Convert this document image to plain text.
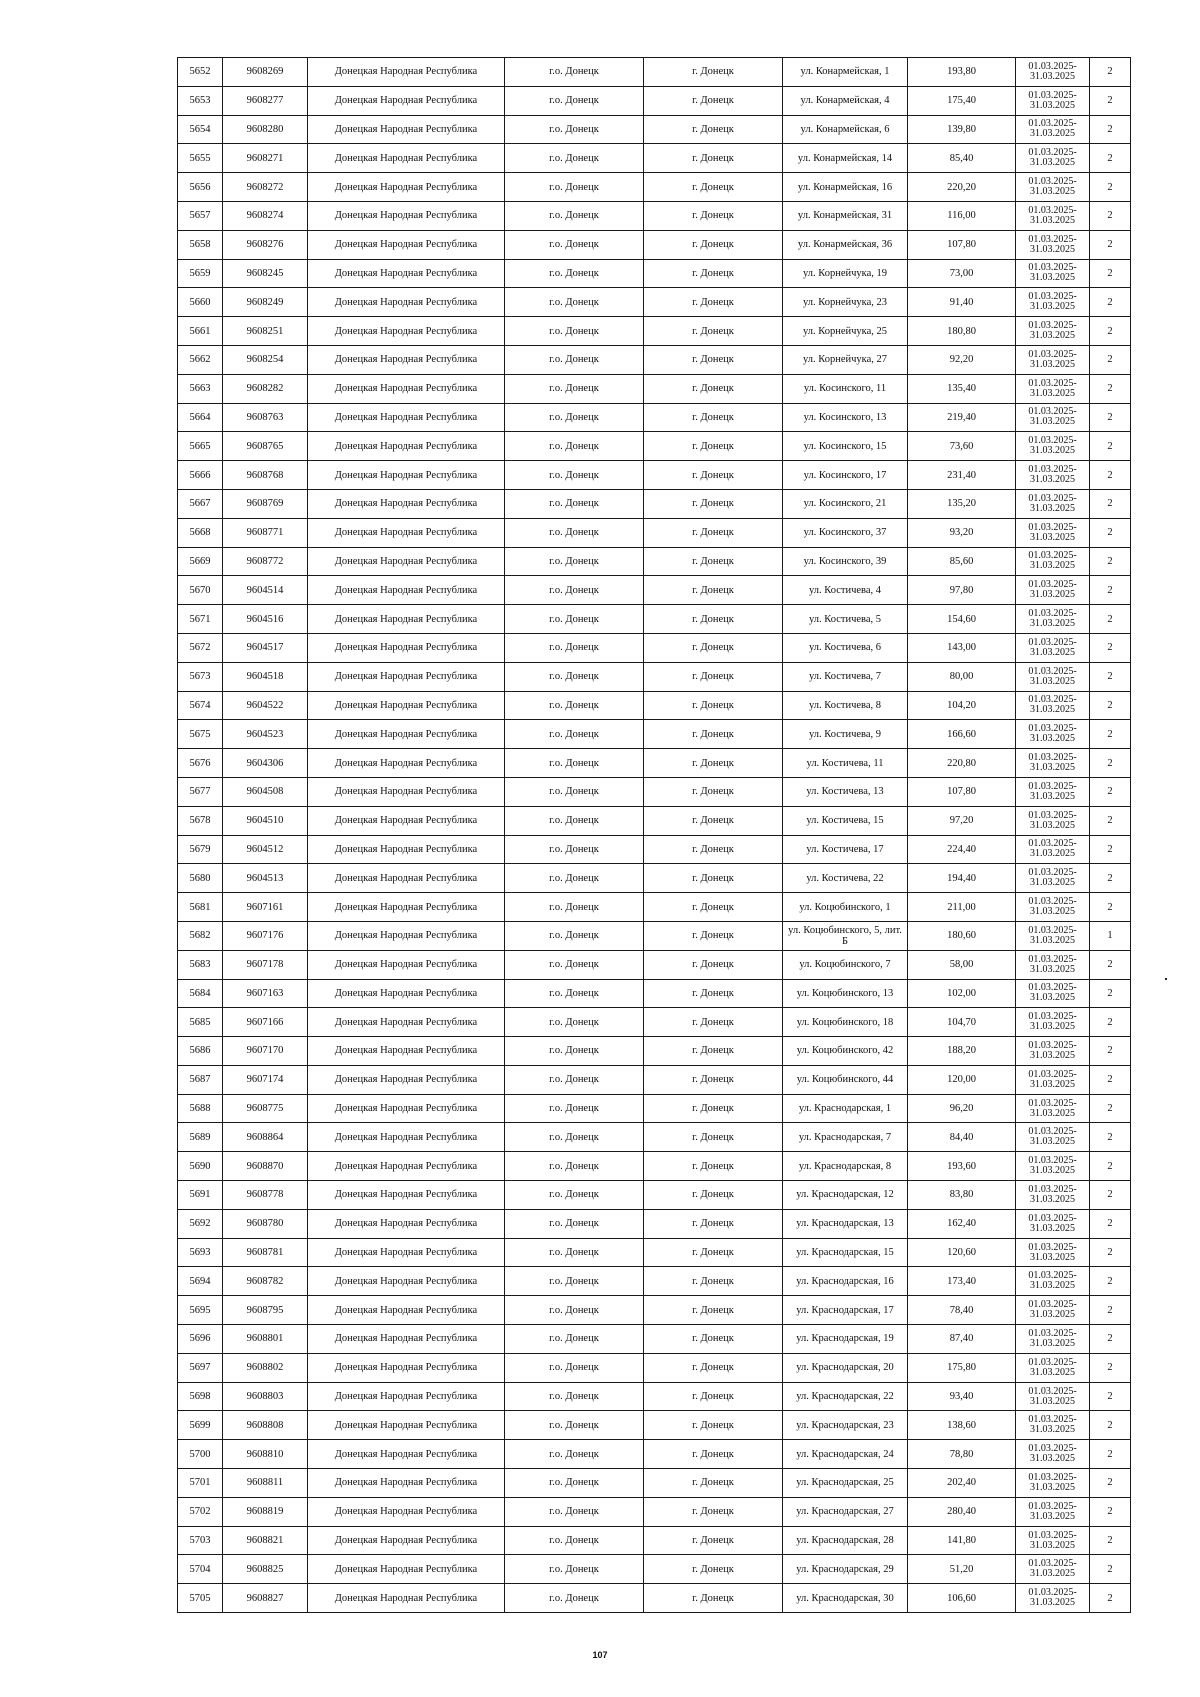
5652	9608269	Донецкая Народная Республика	г.о. Донецк	г. Донецк	ул. Конармейская, 1	193,80	01.03.2025-31.03.2025	2
5653	9608277	Донецкая Народная Республика	г.о. Донецк	г. Донецк	ул. Конармейская, 4	175,40	01.03.2025-31.03.2025	2
5654	9608280	Донецкая Народная Республика	г.о. Донецк	г. Донецк	ул. Конармейская, 6	139,80	01.03.2025-31.03.2025	2
5655	9608271	Донецкая Народная Республика	г.о. Донецк	г. Донецк	ул. Конармейская, 14	85,40	01.03.2025-31.03.2025	2
5656	9608272	Донецкая Народная Республика	г.о. Донецк	г. Донецк	ул. Конармейская, 16	220,20	01.03.2025-31.03.2025	2
5657	9608274	Донецкая Народная Республика	г.о. Донецк	г. Донецк	ул. Конармейская, 31	116,00	01.03.2025-31.03.2025	2
5658	9608276	Донецкая Народная Республика	г.о. Донецк	г. Донецк	ул. Конармейская, 36	107,80	01.03.2025-31.03.2025	2
5659	9608245	Донецкая Народная Республика	г.о. Донецк	г. Донецк	ул. Корнейчука, 19	73,00	01.03.2025-31.03.2025	2
5660	9608249	Донецкая Народная Республика	г.о. Донецк	г. Донецк	ул. Корнейчука, 23	91,40	01.03.2025-31.03.2025	2
5661	9608251	Донецкая Народная Республика	г.о. Донецк	г. Донецк	ул. Корнейчука, 25	180,80	01.03.2025-31.03.2025	2
5662	9608254	Донецкая Народная Республика	г.о. Донецк	г. Донецк	ул. Корнейчука, 27	92,20	01.03.2025-31.03.2025	2
5663	9608282	Донецкая Народная Республика	г.о. Донецк	г. Донецк	ул. Косинского, 11	135,40	01.03.2025-31.03.2025	2
5664	9608763	Донецкая Народная Республика	г.о. Донецк	г. Донецк	ул. Косинского, 13	219,40	01.03.2025-31.03.2025	2
5665	9608765	Донецкая Народная Республика	г.о. Донецк	г. Донецк	ул. Косинского, 15	73,60	01.03.2025-31.03.2025	2
5666	9608768	Донецкая Народная Республика	г.о. Донецк	г. Донецк	ул. Косинского, 17	231,40	01.03.2025-31.03.2025	2
5667	9608769	Донецкая Народная Республика	г.о. Донецк	г. Донецк	ул. Косинского, 21	135,20	01.03.2025-31.03.2025	2
5668	9608771	Донецкая Народная Республика	г.о. Донецк	г. Донецк	ул. Косинского, 37	93,20	01.03.2025-31.03.2025	2
5669	9608772	Донецкая Народная Республика	г.о. Донецк	г. Донецк	ул. Косинского, 39	85,60	01.03.2025-31.03.2025	2
5670	9604514	Донецкая Народная Республика	г.о. Донецк	г. Донецк	ул. Костичева, 4	97,80	01.03.2025-31.03.2025	2
5671	9604516	Донецкая Народная Республика	г.о. Донецк	г. Донецк	ул. Костичева, 5	154,60	01.03.2025-31.03.2025	2
5672	9604517	Донецкая Народная Республика	г.о. Донецк	г. Донецк	ул. Костичева, 6	143,00	01.03.2025-31.03.2025	2
5673	9604518	Донецкая Народная Республика	г.о. Донецк	г. Донецк	ул. Костичева, 7	80,00	01.03.2025-31.03.2025	2
5674	9604522	Донецкая Народная Республика	г.о. Донецк	г. Донецк	ул. Костичева, 8	104,20	01.03.2025-31.03.2025	2
5675	9604523	Донецкая Народная Республика	г.о. Донецк	г. Донецк	ул. Костичева, 9	166,60	01.03.2025-31.03.2025	2
5676	9604306	Донецкая Народная Республика	г.о. Донецк	г. Донецк	ул. Костичева, 11	220,80	01.03.2025-31.03.2025	2
5677	9604508	Донецкая Народная Республика	г.о. Донецк	г. Донецк	ул. Костичева, 13	107,80	01.03.2025-31.03.2025	2
5678	9604510	Донецкая Народная Республика	г.о. Донецк	г. Донецк	ул. Костичева, 15	97,20	01.03.2025-31.03.2025	2
5679	9604512	Донецкая Народная Республика	г.о. Донецк	г. Донецк	ул. Костичева, 17	224,40	01.03.2025-31.03.2025	2
5680	9604513	Донецкая Народная Республика	г.о. Донецк	г. Донецк	ул. Костичева, 22	194,40	01.03.2025-31.03.2025	2
5681	9607161	Донецкая Народная Республика	г.о. Донецк	г. Донецк	ул. Коцюбинского, 1	211,00	01.03.2025-31.03.2025	2
5682	9607176	Донецкая Народная Республика	г.о. Донецк	г. Донецк	ул. Коцюбинского, 5, лит. Б	180,60	01.03.2025-31.03.2025	1
5683	9607178	Донецкая Народная Республика	г.о. Донецк	г. Донецк	ул. Коцюбинского, 7	58,00	01.03.2025-31.03.2025	2
5684	9607163	Донецкая Народная Республика	г.о. Донецк	г. Донецк	ул. Коцюбинского, 13	102,00	01.03.2025-31.03.2025	2
5685	9607166	Донецкая Народная Республика	г.о. Донецк	г. Донецк	ул. Коцюбинского, 18	104,70	01.03.2025-31.03.2025	2
5686	9607170	Донецкая Народная Республика	г.о. Донецк	г. Донецк	ул. Коцюбинского, 42	188,20	01.03.2025-31.03.2025	2
5687	9607174	Донецкая Народная Республика	г.о. Донецк	г. Донецк	ул. Коцюбинского, 44	120,00	01.03.2025-31.03.2025	2
5688	9608775	Донецкая Народная Республика	г.о. Донецк	г. Донецк	ул. Краснодарская, 1	96,20	01.03.2025-31.03.2025	2
5689	9608864	Донецкая Народная Республика	г.о. Донецк	г. Донецк	ул. Краснодарская, 7	84,40	01.03.2025-31.03.2025	2
5690	9608870	Донецкая Народная Республика	г.о. Донецк	г. Донецк	ул. Краснодарская, 8	193,60	01.03.2025-31.03.2025	2
5691	9608778	Донецкая Народная Республика	г.о. Донецк	г. Донецк	ул. Краснодарская, 12	83,80	01.03.2025-31.03.2025	2
5692	9608780	Донецкая Народная Республика	г.о. Донецк	г. Донецк	ул. Краснодарская, 13	162,40	01.03.2025-31.03.2025	2
5693	9608781	Донецкая Народная Республика	г.о. Донецк	г. Донецк	ул. Краснодарская, 15	120,60	01.03.2025-31.03.2025	2
5694	9608782	Донецкая Народная Республика	г.о. Донецк	г. Донецк	ул. Краснодарская, 16	173,40	01.03.2025-31.03.2025	2
5695	9608795	Донецкая Народная Республика	г.о. Донецк	г. Донецк	ул. Краснодарская, 17	78,40	01.03.2025-31.03.2025	2
5696	9608801	Донецкая Народная Республика	г.о. Донецк	г. Донецк	ул. Краснодарская, 19	87,40	01.03.2025-31.03.2025	2
5697	9608802	Донецкая Народная Республика	г.о. Донецк	г. Донецк	ул. Краснодарская, 20	175,80	01.03.2025-31.03.2025	2
5698	9608803	Донецкая Народная Республика	г.о. Донецк	г. Донецк	ул. Краснодарская, 22	93,40	01.03.2025-31.03.2025	2
5699	9608808	Донецкая Народная Республика	г.о. Донецк	г. Донецк	ул. Краснодарская, 23	138,60	01.03.2025-31.03.2025	2
5700	9608810	Донецкая Народная Республика	г.о. Донецк	г. Донецк	ул. Краснодарская, 24	78,80	01.03.2025-31.03.2025	2
5701	9608811	Донецкая Народная Республика	г.о. Донецк	г. Донецк	ул. Краснодарская, 25	202,40	01.03.2025-31.03.2025	2
5702	9608819	Донецкая Народная Республика	г.о. Донецк	г. Донецк	ул. Краснодарская, 27	280,40	01.03.2025-31.03.2025	2
5703	9608821	Донецкая Народная Республика	г.о. Донецк	г. Донецк	ул. Краснодарская, 28	141,80	01.03.2025-31.03.2025	2
5704	9608825	Донецкая Народная Республика	г.о. Донецк	г. Донецк	ул. Краснодарская, 29	51,20	01.03.2025-31.03.2025	2
5705	9608827	Донецкая Народная Республика	г.о. Донецк	г. Донецк	ул. Краснодарская, 30	106,60	01.03.2025-31.03.2025	2
107
